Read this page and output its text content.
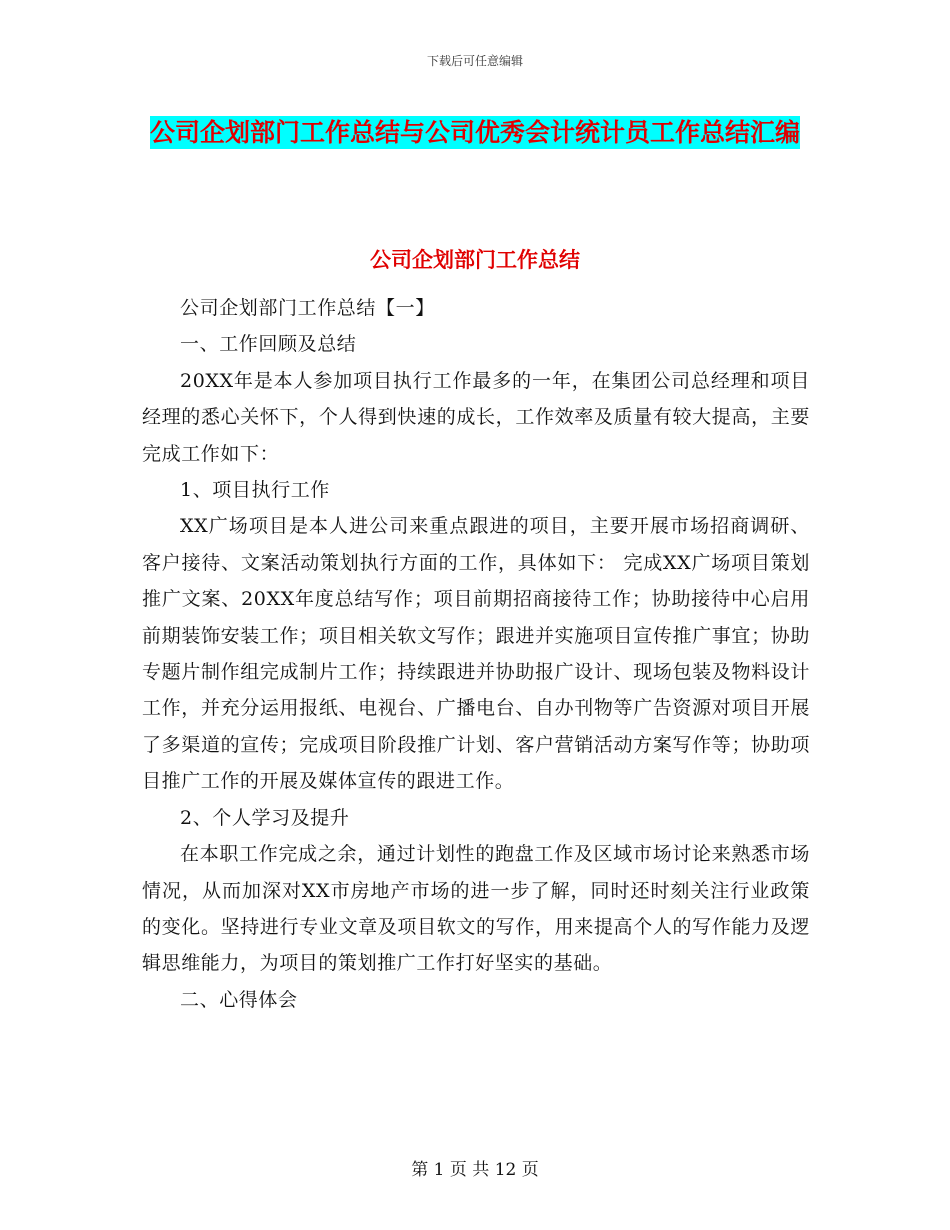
下载后可任意编辑
公司企划部门工作总结与公司优秀会计统计员工作总结汇编
公司企划部门工作总结

公司企划部门工作总结【一】

一、工作回顾及总结

20XX年是本人参加项目执行工作最多的一年，在集团公司总经理和项目经理的悉心关怀下，个人得到快速的成长，工作效率及质量有较大提高，主要完成工作如下：

1、项目执行工作

XX广场项目是本人进公司来重点跟进的项目，主要开展市场招商调研、客户接待、文案活动策划执行方面的工作，具体如下： 完成XX广场项目策划推广文案、20XX年度总结写作；项目前期招商接待工作；协助接待中心启用前期装饰安装工作；项目相关软文写作；跟进并实施项目宣传推广事宜；协助专题片制作组完成制片工作；持续跟进并协助报广设计、现场包装及物料设计工作，并充分运用报纸、电视台、广播电台、自办刊物等广告资源对项目开展了多渠道的宣传；完成项目阶段推广计划、客户营销活动方案写作等；协助项目推广工作的开展及媒体宣传的跟进工作。

2、个人学习及提升

在本职工作完成之余，通过计划性的跑盘工作及区域市场讨论来熟悉市场情况，从而加深对XX市房地产市场的进一步了解，同时还时刻关注行业政策的变化。坚持进行专业文章及项目软文的写作，用来提高个人的写作能力及逻辑思维能力，为项目的策划推广工作打好坚实的基础。

二、心得体会

第 1 页 共 12 页
